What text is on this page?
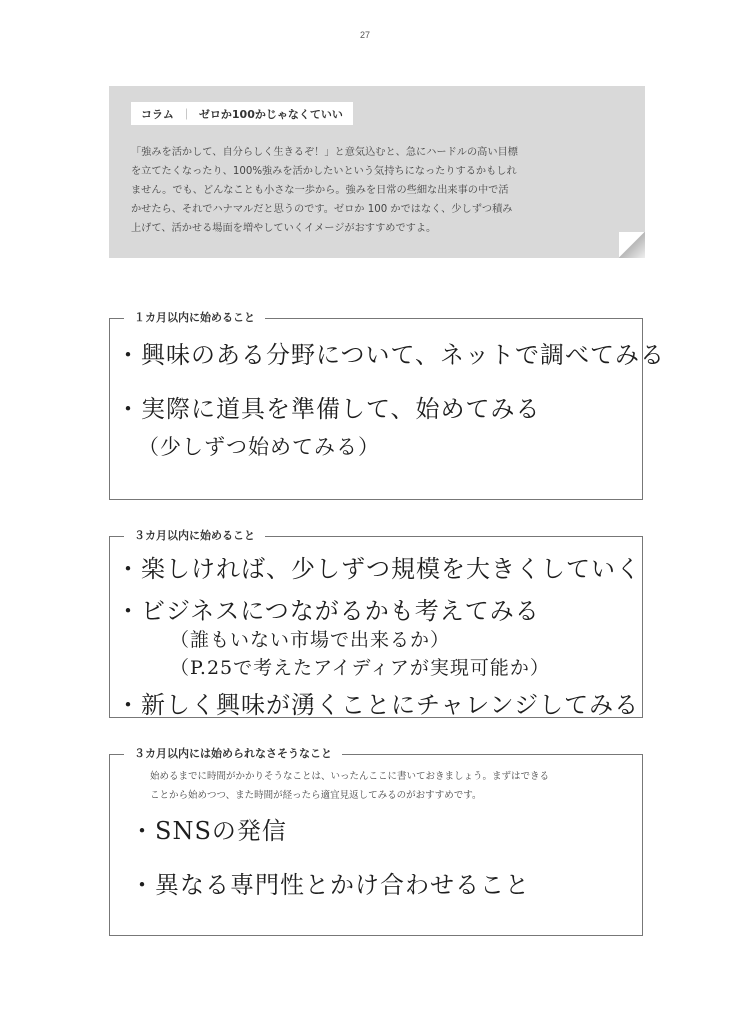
27
コラム ｜ ゼロか100かじゃなくていい
「強みを活かして、自分らしく生きるぞ！」と意気込むと、急にハードルの高い目標
を立てたくなったり、100%強みを活かしたいという気持ちになったりするかもしれ
ません。でも、どんなことも小さな一歩から。強みを日常の些細な出来事の中で活
かせたら、それでハナマルだと思うのです。ゼロか 100 かではなく、少しずつ積み
上げて、活かせる場面を増やしていくイメージがおすすめですよ。
１カ月以内に始めること
・興味のある分野について、ネットで調べてみる
・実際に道具を準備して、始めてみる
（少しずつ始めてみる）
３カ月以内に始めること
・楽しければ、少しずつ規模を大きくしていく
・ビジネスにつながるかも考えてみる
（誰もいない市場で出来るか）
（P.25で考えたアイディアが実現可能か）
・新しく興味が湧くことにチャレンジしてみる
３カ月以内には始められなさそうなこと
始めるまでに時間がかかりそうなことは、いったんここに書いておきましょう。まずはできる
ことから始めつつ、また時間が経ったら適宜見返してみるのがおすすめです。
・SNSの発信
・異なる専門性とかけ合わせること
